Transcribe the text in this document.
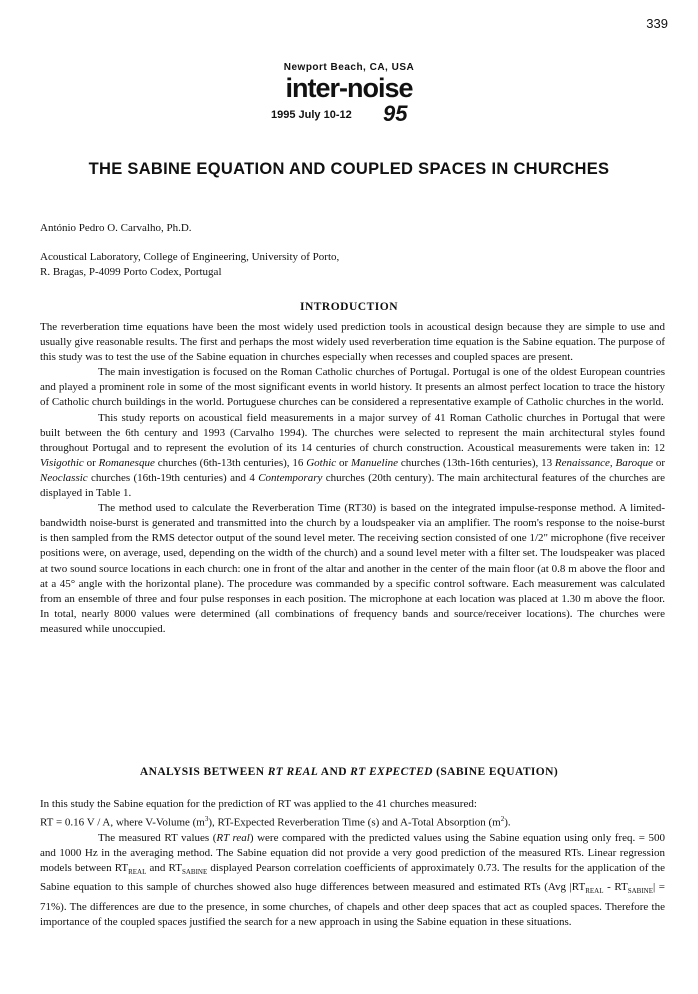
339
Newport Beach, CA, USA
inter-noise
1995 July 10-12 95
THE SABINE EQUATION AND COUPLED SPACES IN CHURCHES
António Pedro O. Carvalho, Ph.D.
Acoustical Laboratory, College of Engineering, University of Porto,
R. Bragas, P-4099 Porto Codex, Portugal
INTRODUCTION

The reverberation time equations have been the most widely used prediction tools in acoustical design because they are simple to use and usually give reasonable results. The first and perhaps the most widely used reverberation time equation is the Sabine equation. The purpose of this study was to test the use of the Sabine equation in churches especially when recesses and coupled spaces are present.

The main investigation is focused on the Roman Catholic churches of Portugal. Portugal is one of the oldest European countries and played a prominent role in some of the most significant events in world history. It presents an almost perfect location to trace the history of Catholic church buildings in the world. Portuguese churches can be considered a representative example of Catholic churches in the world.

This study reports on acoustical field measurements in a major survey of 41 Roman Catholic churches in Portugal that were built between the 6th century and 1993 (Carvalho 1994). The churches were selected to represent the main architectural styles found throughout Portugal and to represent the evolution of its 14 centuries of church construction. Acoustical measurements were taken in: 12 Visigothic or Romanesque churches (6th-13th centuries), 16 Gothic or Manueline churches (13th-16th centuries), 13 Renaissance, Baroque or Neoclassic churches (16th-19th centuries) and 4 Contemporary churches (20th century). The main architectural features of the churches are displayed in Table 1.

The method used to calculate the Reverberation Time (RT30) is based on the integrated impulse-response method. A limited-bandwidth noise-burst is generated and transmitted into the church by a loudspeaker via an amplifier. The room's response to the noise-burst is then sampled from the RMS detector output of the sound level meter. The receiving section consisted of one 1/2" microphone (five receiver positions were, on average, used, depending on the width of the church) and a sound level meter with a filter set. The loudspeaker was placed at two sound source locations in each church: one in front of the altar and another in the center of the main floor (at 0.8 m above the floor and at a 45° angle with the horizontal plane). The procedure was commanded by a specific control software. Each measurement was calculated from an ensemble of three and four pulse responses in each position. The microphone at each location was placed at 1.30 m above the floor. In total, nearly 8000 values were determined (all combinations of frequency bands and source/receiver locations). The churches were measured while unoccupied.

ANALYSIS BETWEEN RT REAL AND RT EXPECTED (SABINE EQUATION)

In this study the Sabine equation for the prediction of RT was applied to the 41 churches measured:

RT = 0.16 V / A, where V-Volume $(m^3)$, RT-Expected Reverberation Time (s) and A-Total Absorption $(m^2)$.

The measured RT values (RT real) were compared with the predicted values using the Sabine equation using only freq. = 500 and 1000 Hz in the averaging method. The Sabine equation did not provide a very good prediction of the measured RTs. Linear regression models between $RT_{REAL}$ and $RT_{SABINE}$ displayed Pearson correlation coefficients of approximately 0.73. The results for the application of the Sabine equation to this sample of churches showed also huge differences between measured and estimated RTs (Avg $|RT_{REAL} - RT_{SABINE}| = 71\%$). The differences are due to the presence, in some churches, of chapels and other deep spaces that act as coupled spaces. Therefore the importance of the coupled spaces justified the search for a new approach in using the Sabine equation in these situations.
